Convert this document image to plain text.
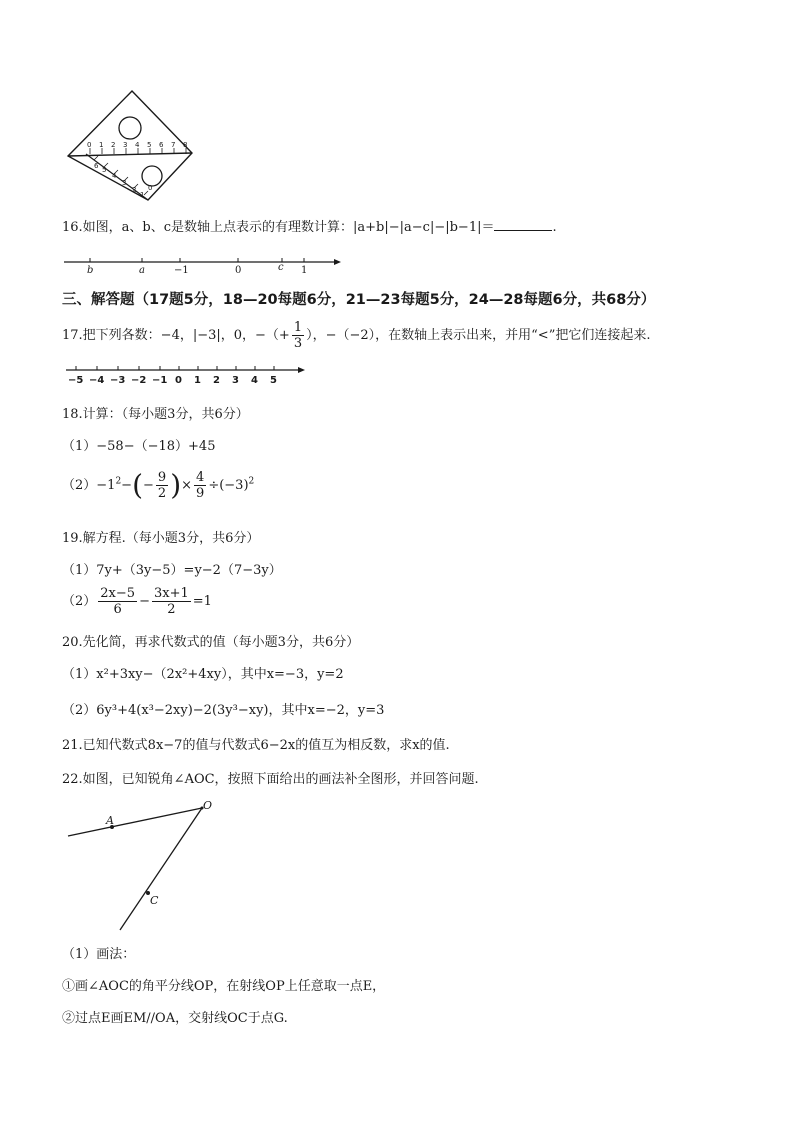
0 1 2 3 4 5 6 7 8
6 5
4
3
2
1
0
16.如图，a、b、c是数轴上点表示的有理数计算：|a+b|−|a−c|−|b−1|＝	.
b	a	−1	0	c 1
三、解答题（17题5分，18—20每题6分，21—23每题5分，24—28每题6分，共68分）
17.把下列各数：−4，|−3|，0，−（+ $\frac{1}{3}$ ），−（−2），在数轴上表示出来，并用“<”把它们连接起来.
−5 −4 −3 −2 −1 0 1 2 3 4 5
18.计算：（每小题3分，共6分）
（1）−58−（−18）+45
$(2)-1^2-(- \frac{9}{2}$ )× $\frac{4}{9} \div(-3)^2$
19.解方程.（每小题3分，共6分）
（1）7y+（3y−5）=y−2（7−3y）
$(2) \frac{2x-5}{6} - \frac{3x+1}{2} =1$
20.先化简，再求代数式的值（每小题3分，共6分）
（1）x²+3xy−（2x²+4xy），其中x=−3，y=2
（2）6y³+4(x³−2xy)−2(3y³−xy)，其中x=−2，y=3
21.已知代数式8x−7的值与代数式6−2x的值互为相反数，求x的值.
22.如图，已知锐角∠AOC，按照下面给出的画法补全图形，并回答问题.
O
A
C
（1）画法：
①画∠AOC的角平分线OP，在射线OP上任意取一点E，
②过点E画EM//OA，交射线OC于点G.
